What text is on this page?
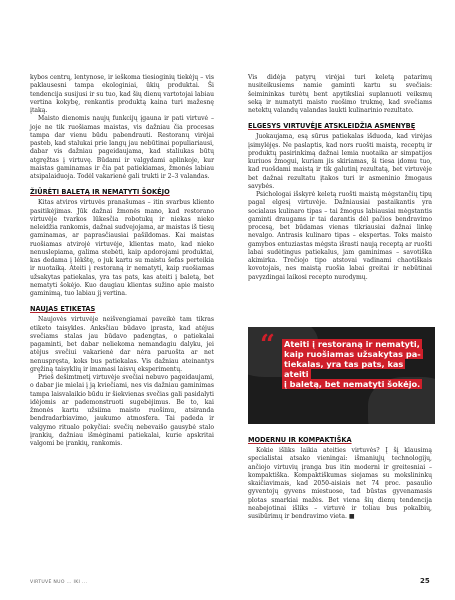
kybos centrų, lentynose, ir ieškoma tiesioginių tiekėjų – vis paklausesni tampa ekologiniai, ūkių produktai. Ši tendencija susijusi ir su tuo, kad šių dienų vartotojai labiau vertina kokybę, renkantis produktą kaina turi mažesnę įtaką.

Maisto dienomis naujų funkcijų įgauna ir pati virtuvė – joje ne tik ruošiamas maistas, vis dažniau čia procesas tampa dar vienu būdu pabendrauti. Restoranų virėjai pasteb, kad stalukai prie langų jau nebūtinai populiariausi, dabar vis dažniau pageidaujama, kad staliukas būtų atgręžtas į virtuvę. Būdami ir valgydami aplinkoje, kur maistas gaminamas ir čia pat patiekiamas, žmonės labiau atsipalaiduoja. Todėl vakarienė gali trukti ir 2–3 valandas.

ŽIŪRĖTI BALETĄ IR NEMATYTI ŠOKĖJO

Kitas atviros virtuvės pranašumas – itin svarbus kliento pasitikėjimas. Jūk dažnai žmonės mano, kad restorano virtuvėje tvarkos lūkesčia robotukų ir niekas nieko neleidžia rankomis, dažnai sudvejojama, ar maistas iš tiesų gaminamas, ar paprasčiausiai pašildomas. Kai maistas ruošiamas atvirojė virtuvėje, klientas mato, kad nieko nenuslepiama, galima stebėti, kaip apdorojami produktai, kas dedama į lėkštę, o juk kartu su maistu šefas perteikia ir nuotaiką. Ateiti į restoraną ir nematyti, kaip ruošiamas užsakytas patiekalas, yra tas pats, kas ateiti į baletą, bet nematyti šokėjo. Kuo daugiau klientas sužino apie maisto gaminimą, tuo labiau jį vertina.

NAUJAS ETIKETAS

Naujovės virtuvėje neišvengiamai paveikė tam tikras etiketo taisykles. Anksčiau būdavo įprasta, kad atėjus svečiams stalas jau būdavo padengtas, o patiekalai pagaminti, bet dabar neliekoma nemandagiu dalyku, jei atėjus svečiui vakarienė dar nėra paruošta ar net nenuspręsta, koks bus patiekalas. Vis dažniau ateinantys gręžiną taisyklių ir imamasi laisvų eksperimentų.

Prieš dešimtmetį virtuvėje svečiai nebuvo pageidaujami, o dabar jie mielai į ją kviečiami, nes vis dažniau gaminimas tampa laisvalaikio būdu ir šiekvienas svečias gali pasidalyti idėjomis ar pademonstruoti sugebėjimus. Be to, kai žmonės kartu užsiima maisto ruošimu, atsiranda bendradarbiavimo, jaukumo atmosfera. Tai padeda ir valgymo ritualo pokyčiai: svečių nebevaišo gausybė stalo įrankių, dažniau išmėginami patiekalai, kurie apskritai valgomi be įrankių, rankomis.

Vis didėja patyrų virėjai turi keletą patarimų nusiteikusiems namie gaminti kartu su svečiais: šeimininkas turėtų bent apytiksliai suplanuoti veiksmų seką ir numatyti maisto ruošimo trukmę, kad svečiams netektų valandų valandas laukti kulinarinio rezultato.

ELGESYS VIRTUVĖJE ATSKLEIDŽIA ASMENYBĘ

Juokaujama, esą sūrus patiekalas išduoda, kad virėjas įsimylėjęs. Ne paslaptis, kad nors ruošti maistą, receptų ir produktų pasirinkimą dažnai lemia nuotaika ar simpatijos kuriuos žmogui, kuriam jis skiriamas, ši tiesa įdomu tuo, kad ruošdami maistą ir tik galutinį rezultatą, bet virtuvėje bet dažnai rezultatu įtakos turi ir asmeninio žmogaus savybės.

Psichologai išskyrė keletą ruošti maistą mėgstančių tipų pagal elgesį virtuvėje. Dažniausiai pastaikantis yra socialaus kulinaro tipas – tai žmogus labiausiai mėgstantis gaminti draugams ir tai darantis dėl pačios bendravimo procesą, bet būdamas vienas tikriausiai dažnai linkę nevalgo. Antrasis kulinaro tipas – ekspertas. Toks maisto gamybos entuziastas mėgsta išrasti naują receptą ar ruošti labai sudėtingus patiekalus, jam gaminimas – savotiška akimirka. Trečiojo tipo atstovai vadinami chaotiškais kovotojais, nes maistą ruošia labai greitai ir nebūtinai pavyzdingai laikosi recepto nurodymų.

“	Ateiti į restoraną ir nematyti,
kaip ruošiamas užsakytas pa-
tiekalas, yra tas pats, kas ateiti
į baletą, bet nematyti šokėjo.
MODERNU IR KOMPAKTIŠKA

Kokie išliks laikia ateities virtuvės? Į šį klausimą specialistai atsako vieningai: išmaniųjų technologijų, ančiojo virtuvių įranga bus itin moderni ir greitesniai – kompaktiška. Kompaktiškumas siejamas su mokslininkų skaičiavimais, kad 2050-aisiais net 74 proc. pasaulio gyventojų gyvens miestuose, tad būstas gyvenamasis plotas smarkiai mažės. Bet viena šių dienų tendencija neabejotinai išliks – virtuvė ir toliau bus pokalbių, susibūrimų ir bendravimo vieta. ■

VIRTUVĖ NUO ... IKI ...	25
